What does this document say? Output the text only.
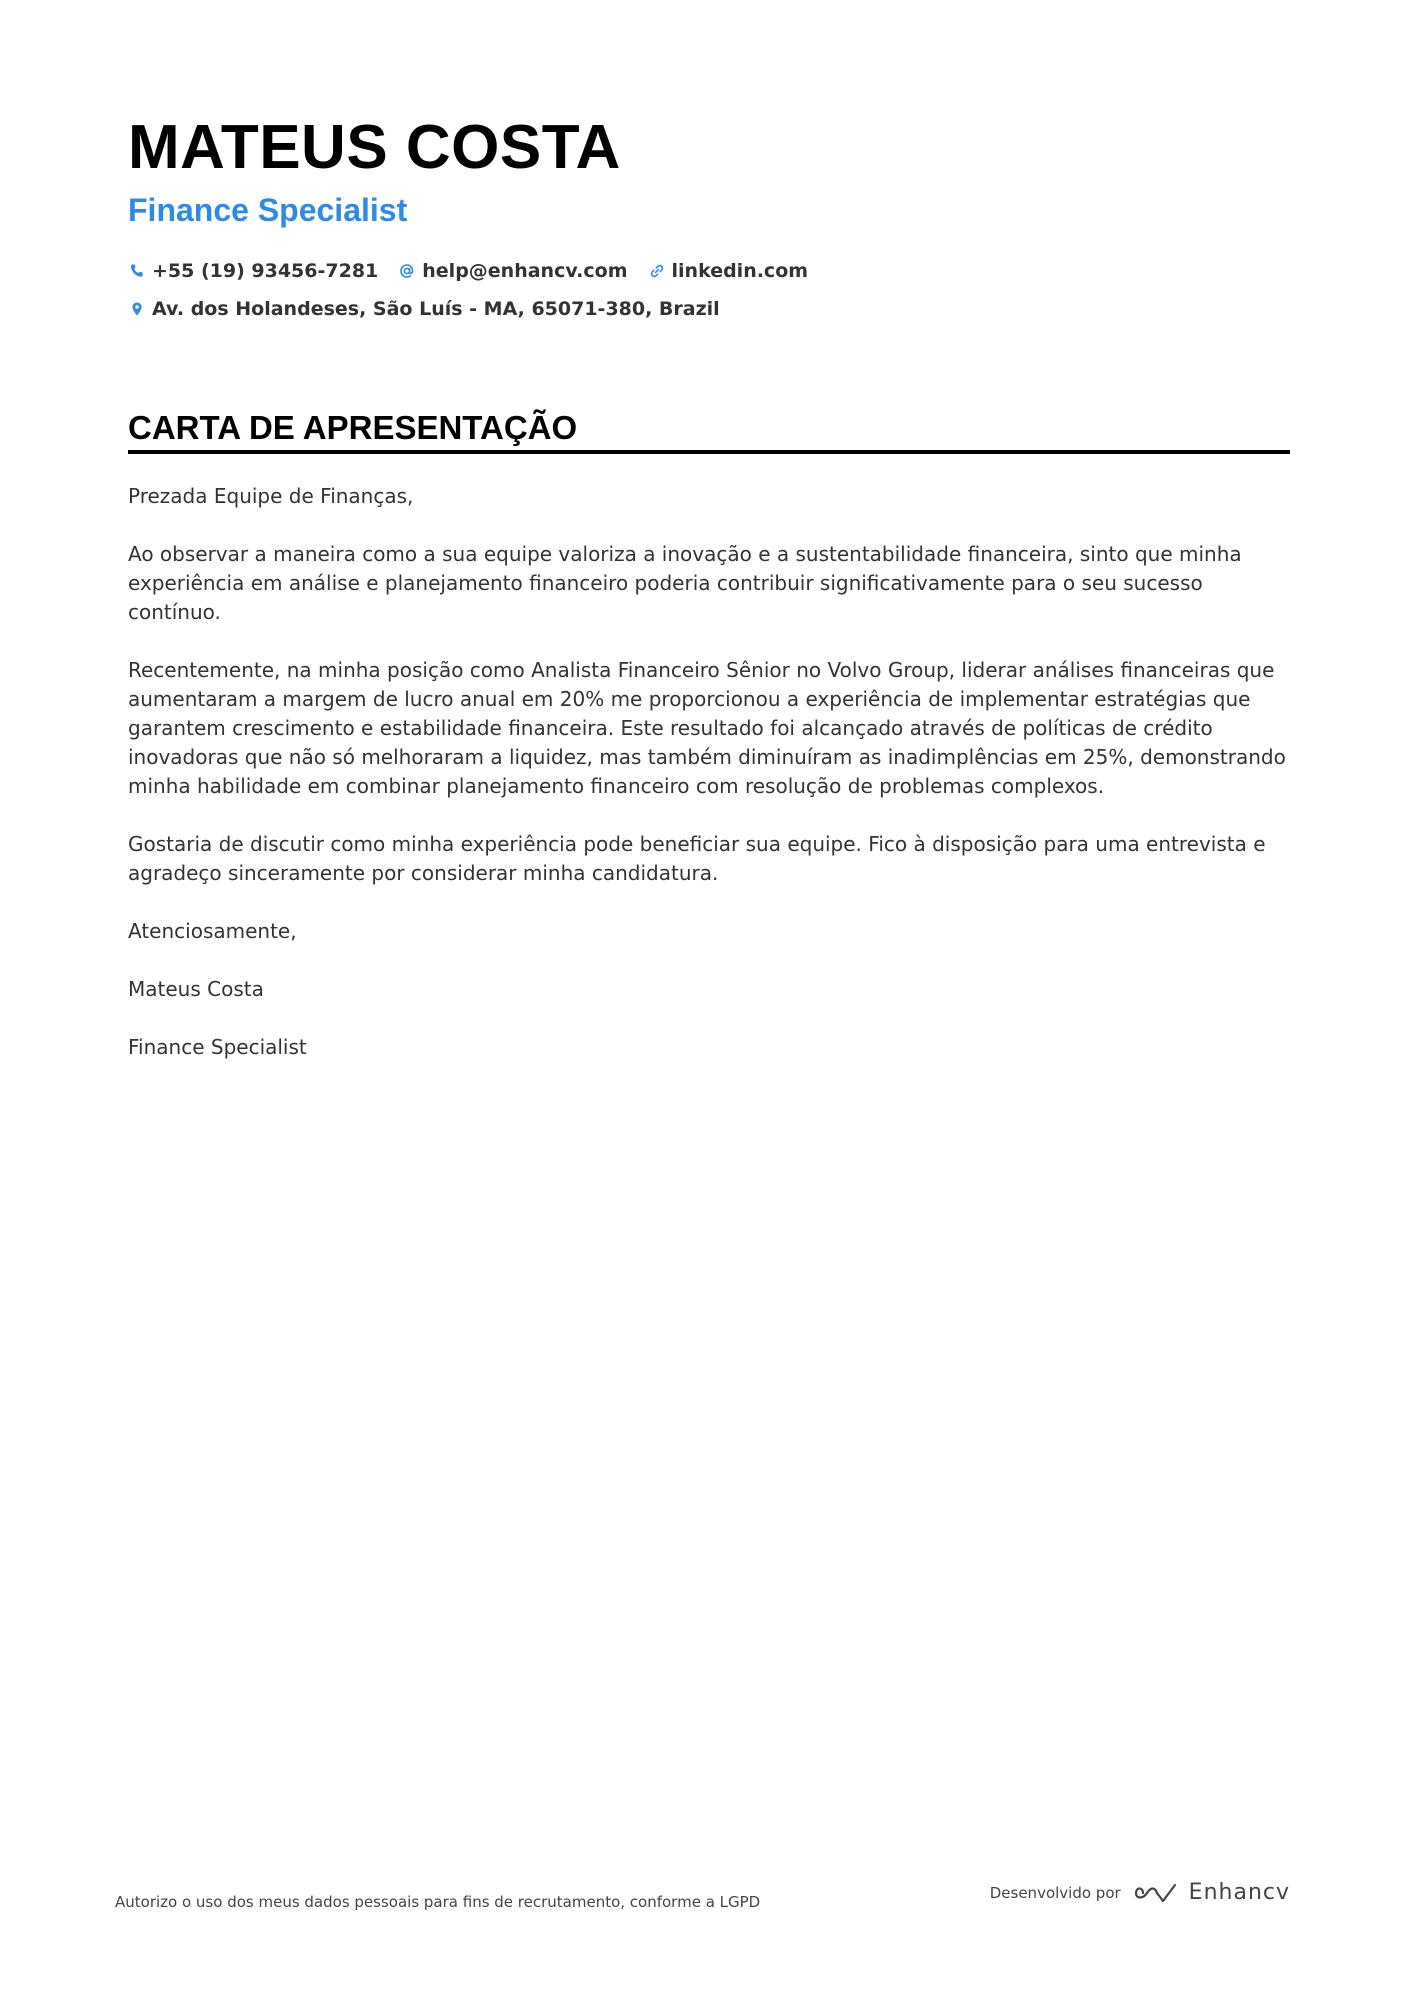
MATEUS COSTA
Finance Specialist
+55 (19) 93456-7281 help@enhancv.com linkedin.com
Av. dos Holandeses, São Luís - MA, 65071-380, Brazil
CARTA DE APRESENTAÇÃO

Prezada Equipe de Finanças,

Ao observar a maneira como a sua equipe valoriza a inovação e a sustentabilidade financeira, sinto que minha experiência em análise e planejamento financeiro poderia contribuir significativamente para o seu sucesso contínuo.

Recentemente, na minha posição como Analista Financeiro Sênior no Volvo Group, liderar análises financeiras que aumentaram a margem de lucro anual em 20% me proporcionou a experiência de implementar estratégias que garantem crescimento e estabilidade financeira. Este resultado foi alcançado através de políticas de crédito inovadoras que não só melhoraram a liquidez, mas também diminuíram as inadimplências em 25%, demonstrando minha habilidade em combinar planejamento financeiro com resolução de problemas complexos.

Gostaria de discutir como minha experiência pode beneficiar sua equipe. Fico à disposição para uma entrevista e agradeço sinceramente por considerar minha candidatura.

Atenciosamente,

Mateus Costa

Finance Specialist

Autorizo o uso dos meus dados pessoais para fins de recrutamento, conforme a LGPD
Desenvolvido por	Enhancv
